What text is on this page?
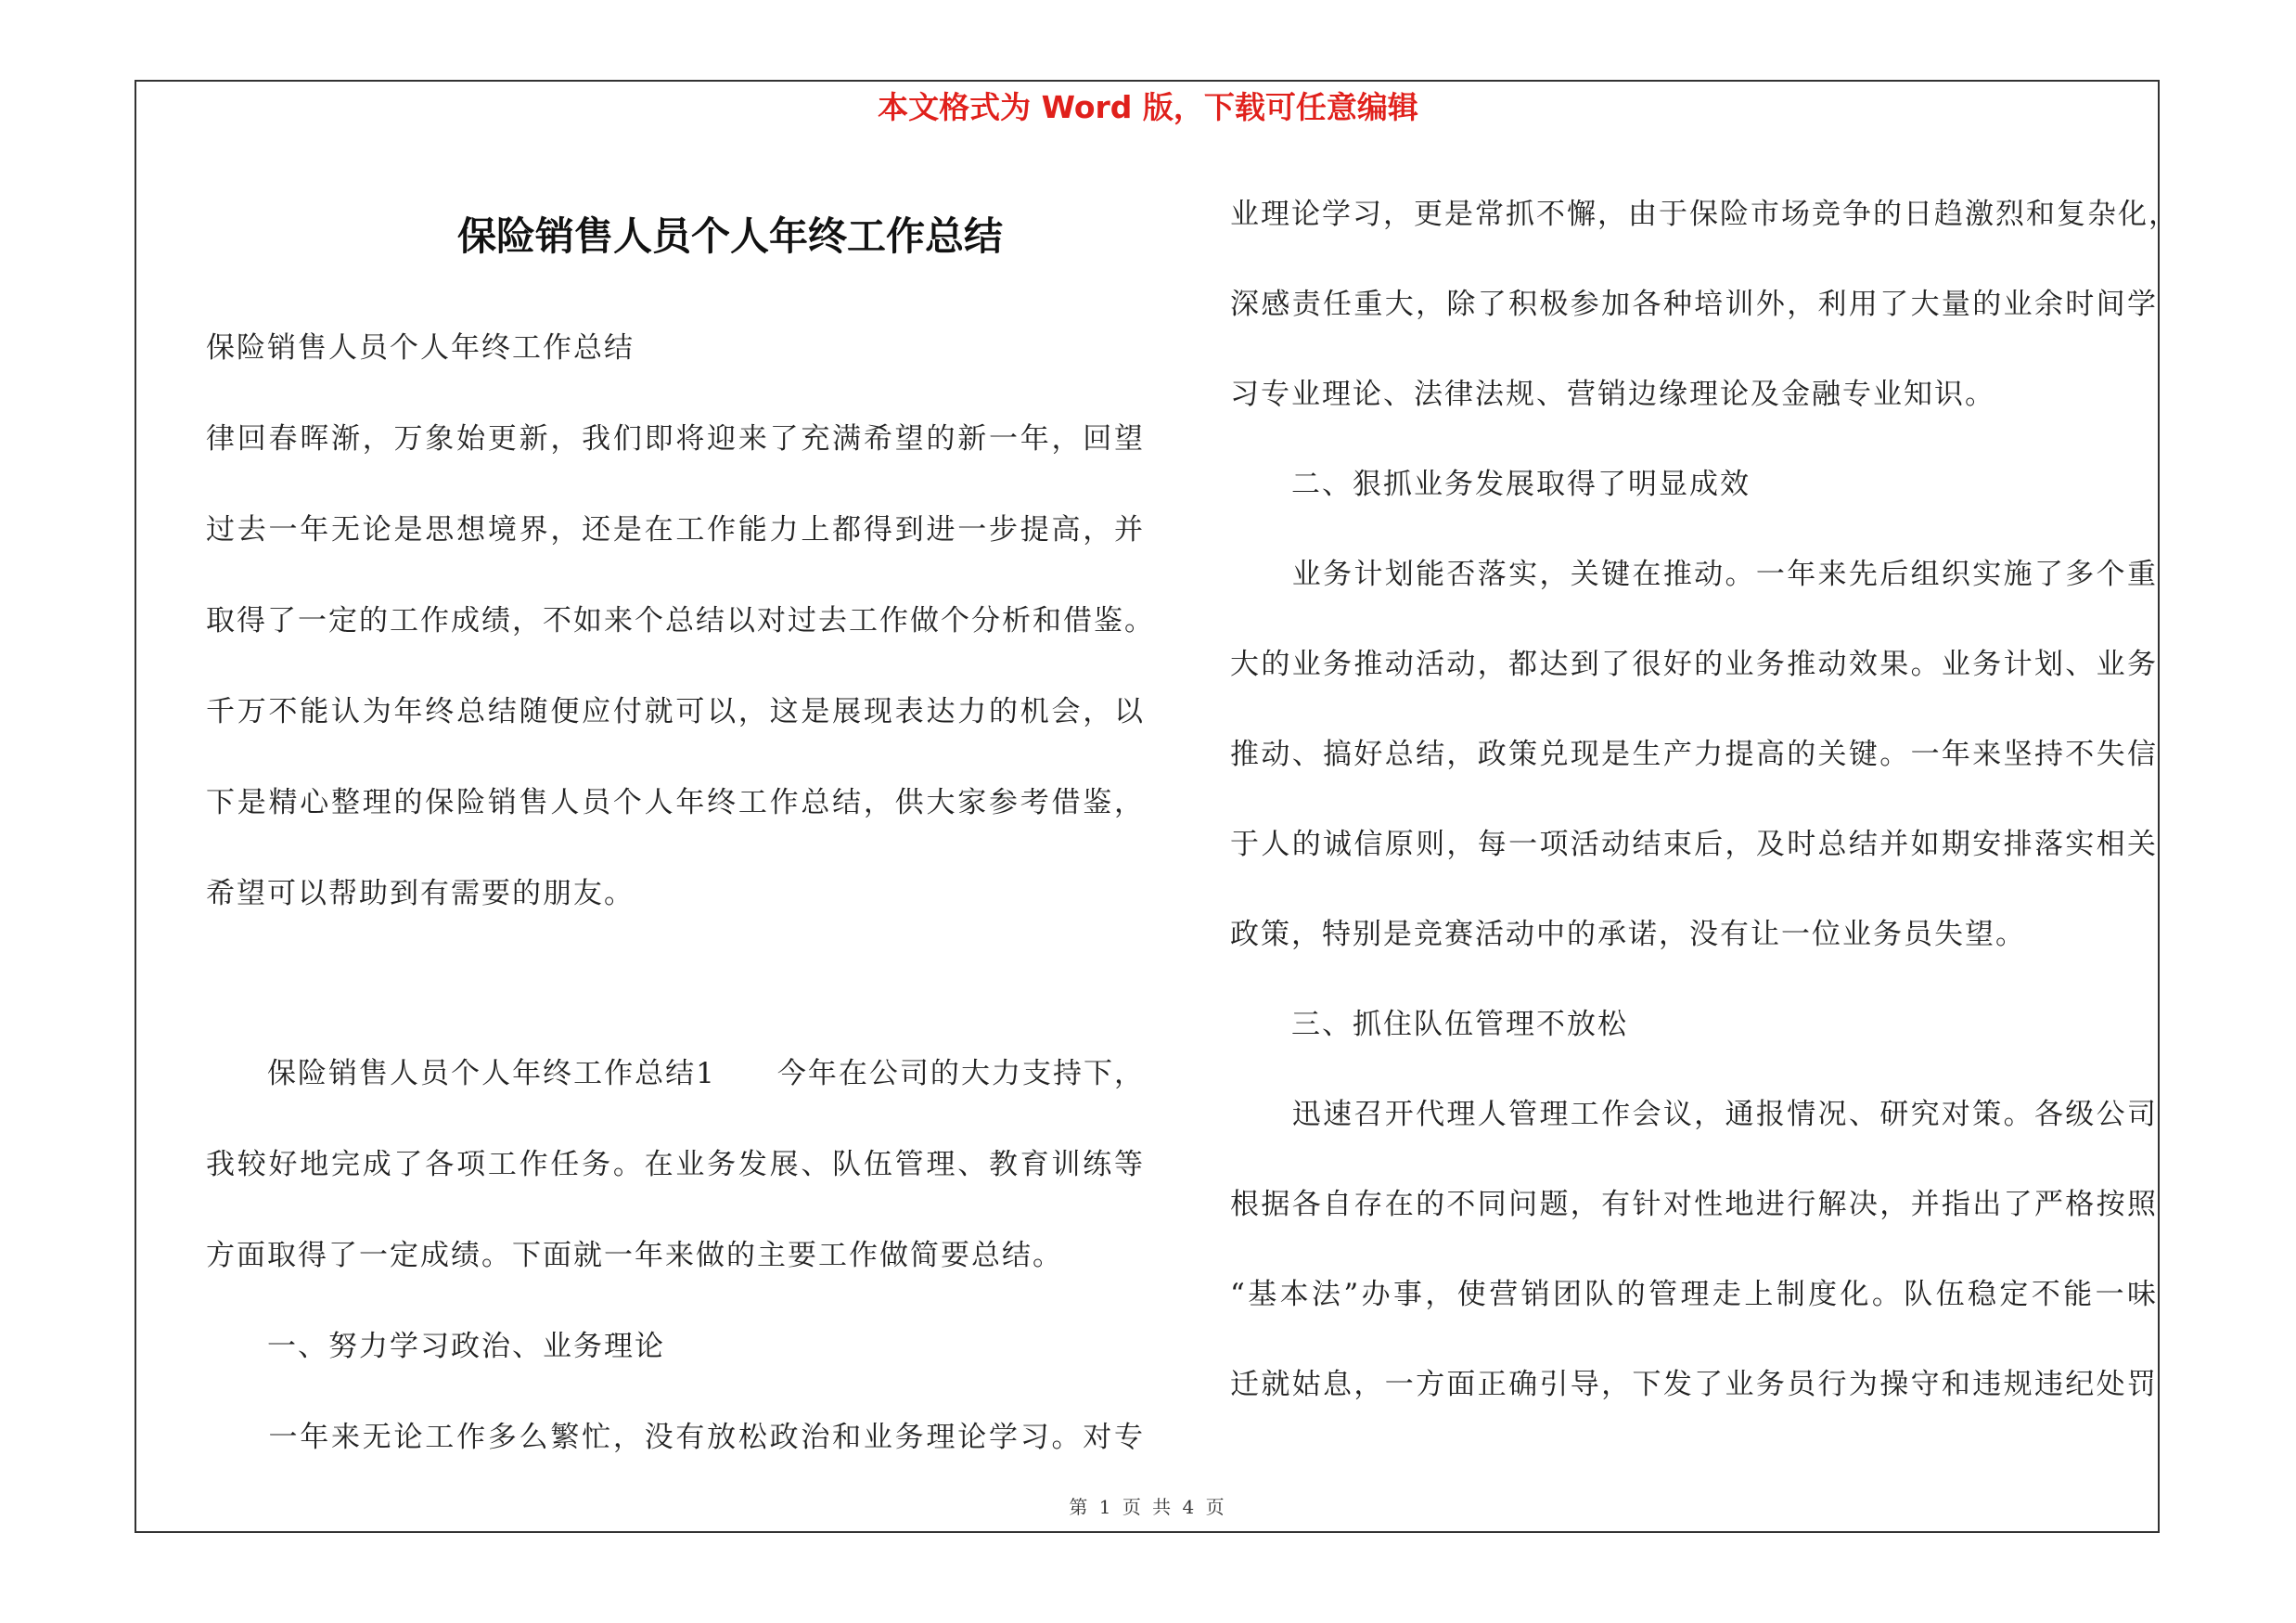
本文格式为 Word 版，下载可任意编辑
保险销售人员个人年终工作总结
保险销售人员个人年终工作总结
律回春晖渐，万象始更新，我们即将迎来了充满希望的新一年，回望
过去一年无论是思想境界，还是在工作能力上都得到进一步提高，并
取得了一定的工作成绩，不如来个总结以对过去工作做个分析和借鉴。
千万不能认为年终总结随便应付就可以，这是展现表达力的机会，以
下是精心整理的保险销售人员个人年终工作总结，供大家参考借鉴，
希望可以帮助到有需要的朋友。
　　保险销售人员个人年终工作总结1　　今年在公司的大力支持下，
我较好地完成了各项工作任务。在业务发展、队伍管理、教育训练等
方面取得了一定成绩。下面就一年来做的主要工作做简要总结。
　　一、努力学习政治、业务理论
　　一年来无论工作多么繁忙，没有放松政治和业务理论学习。对专
业理论学习，更是常抓不懈，由于保险市场竞争的日趋激烈和复杂化，
深感责任重大，除了积极参加各种培训外，利用了大量的业余时间学
习专业理论、法律法规、营销边缘理论及金融专业知识。
　　二、狠抓业务发展取得了明显成效
　　业务计划能否落实，关键在推动。一年来先后组织实施了多个重
大的业务推动活动，都达到了很好的业务推动效果。业务计划、业务
推动、搞好总结，政策兑现是生产力提高的关键。一年来坚持不失信
于人的诚信原则，每一项活动结束后，及时总结并如期安排落实相关
政策，特别是竞赛活动中的承诺，没有让一位业务员失望。
　　三、抓住队伍管理不放松
　　迅速召开代理人管理工作会议，通报情况、研究对策。各级公司
根据各自存在的不同问题，有针对性地进行解决，并指出了严格按照
“基本法”办事，使营销团队的管理走上制度化。队伍稳定不能一味
迁就姑息，一方面正确引导，下发了业务员行为操守和违规违纪处罚
第 1 页 共 4 页
